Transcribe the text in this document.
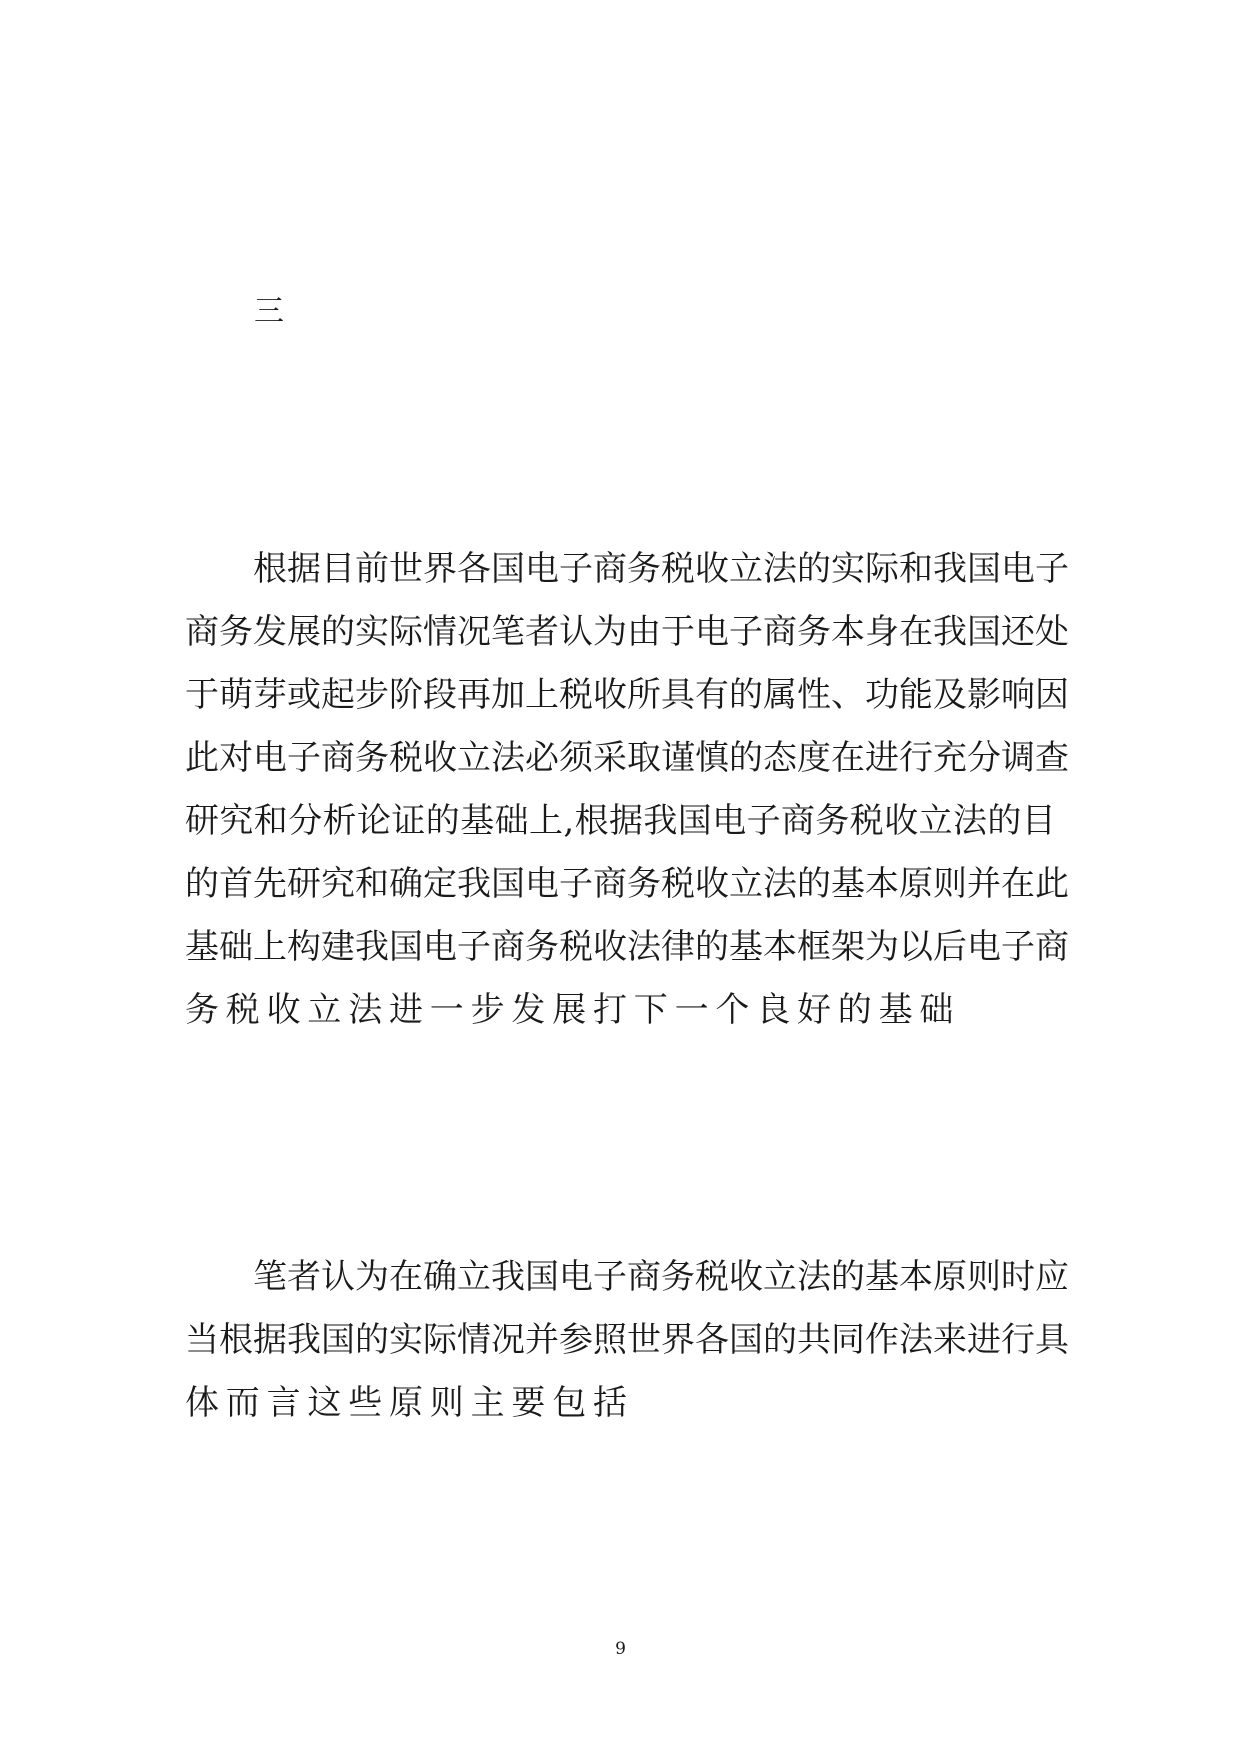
三

根据目前世界各国电子商务税收立法的实际和我国电子

商务发展的实际情况笔者认为由于电子商务本身在我国还处

于萌芽或起步阶段再加上税收所具有的属性、功能及影响因

此对电子商务税收立法必须采取谨慎的态度在进行充分调查

研究和分析论证的基础上,根据我国电子商务税收立法的目

的首先研究和确定我国电子商务税收立法的基本原则并在此

基础上构建我国电子商务税收法律的基本框架为以后电子商

务税收立法进一步发展打下一个良好的基础

笔者认为在确立我国电子商务税收立法的基本原则时应

当根据我国的实际情况并参照世界各国的共同作法来进行具

体而言这些原则主要包括

9
